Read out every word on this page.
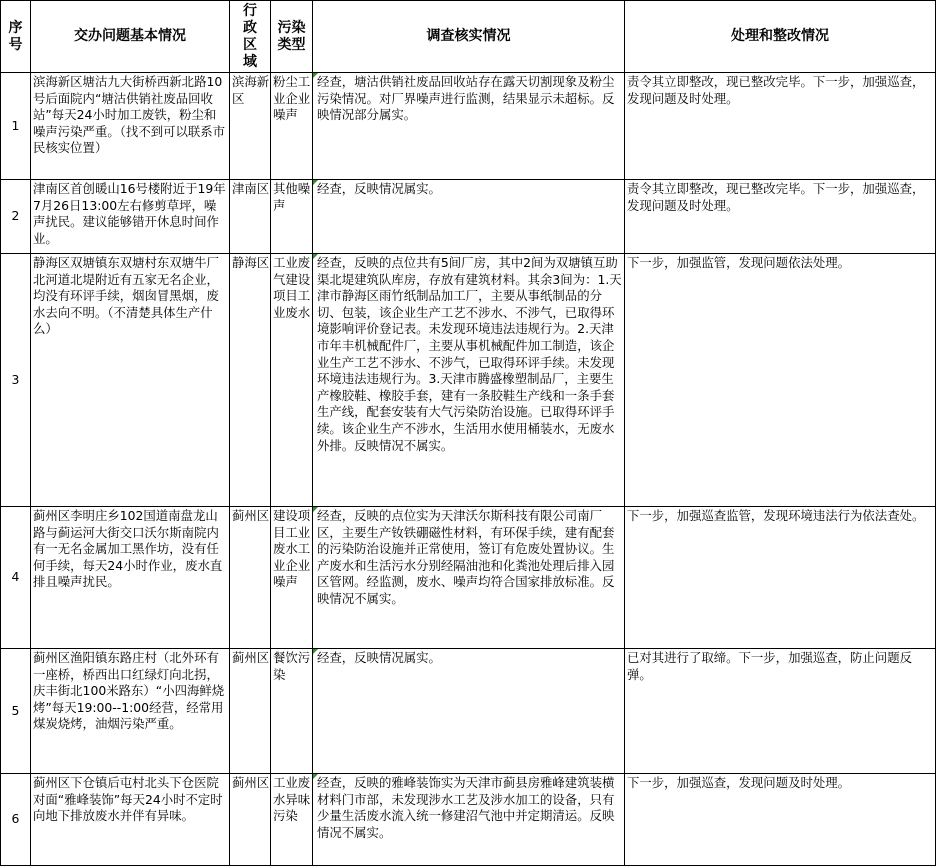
序号	交办问题基本情况	行政区域	污染类型	调查核实情况	处理和整改情况
1	滨海新区塘沽九大街桥西新北路10号后面院内“塘沽供销社废品回收站”每天24小时加工废铁，粉尘和噪声污染严重。（找不到可以联系市民核实位置）	滨海新区	粉尘工业企业噪声	经查，塘沽供销社废品回收站存在露天切割现象及粉尘污染情况。对厂界噪声进行监测，结果显示未超标。反映情况部分属实。	责令其立即整改，现已整改完毕。下一步，加强巡查，发现问题及时处理。

2	津南区首创暖山16号楼附近于19年7月26日13:00左右修剪草坪，噪声扰民。建议能够错开休息时间作业。	津南区	其他噪声	经查，反映情况属实。	责令其立即整改，现已整改完毕。下一步，加强巡查，发现问题及时处理。

3	静海区双塘镇东双塘村东双塘牛厂北河道北堤附近有五家无名企业，均没有环评手续，烟囱冒黑烟，废水去向不明。（不清楚具体生产什么）	静海区	工业废气建设项目工业废水	经查，反映的点位共有5间厂房，其中2间为双塘镇互助渠北堤建筑队库房，存放有建筑材料。其余3间为：1.天津市静海区雨竹纸制品加工厂，主要从事纸制品的分切、包装，该企业生产工艺不涉水、不涉气，已取得环境影响评价登记表。未发现环境违法违规行为。2.天津市年丰机械配件厂，主要从事机械配件加工制造，该企业生产工艺不涉水、不涉气，已取得环评手续。未发现环境违法违规行为。3.天津市腾盛橡塑制品厂，主要生产橡胶鞋、橡胶手套，建有一条胶鞋生产线和一条手套生产线，配套安装有大气污染防治设施。已取得环评手续。该企业生产不涉水，生活用水使用桶装水，无废水外排。反映情况不属实。	下一步，加强监管，发现问题依法处理。

4	蓟州区李明庄乡102国道南盘龙山路与蓟运河大街交口沃尔斯南院内有一无名金属加工黑作坊，没有任何手续，每天24小时作业，废水直排且噪声扰民。	蓟州区	建设项目工业废水工业企业噪声	经查，反映的点位实为天津沃尔斯科技有限公司南厂区，主要生产钕铁硼磁性材料，有环保手续，建有配套的污染防治设施并正常使用，签订有危废处置协议。生产废水和生活污水分别经隔油池和化粪池处理后排入园区管网。经监测，废水、噪声均符合国家排放标准。反映情况不属实。	下一步，加强巡查监管，发现环境违法行为依法查处。

5	蓟州区渔阳镇东路庄村（北外环有一座桥，桥西出口红绿灯向北拐，庆丰街北100米路东）“小四海鲜烧烤”每天19:00--1:00经营，经常用煤炭烧烤，油烟污染严重。	蓟州区	餐饮污染	经查，反映情况属实。	已对其进行了取缔。下一步，加强巡查，防止问题反弹。

6	蓟州区下仓镇后屯村北头下仓医院对面“雅峰装饰”每天24小时不定时向地下排放废水并伴有异味。	蓟州区	工业废水异味污染	经查，反映的雅峰装饰实为天津市蓟县房雅峰建筑装横材料门市部，未发现涉水工艺及涉水加工的设备，只有少量生活废水流入统一修建沼气池中并定期清运。反映情况不属实。	下一步，加强巡查，发现问题及时处理。
